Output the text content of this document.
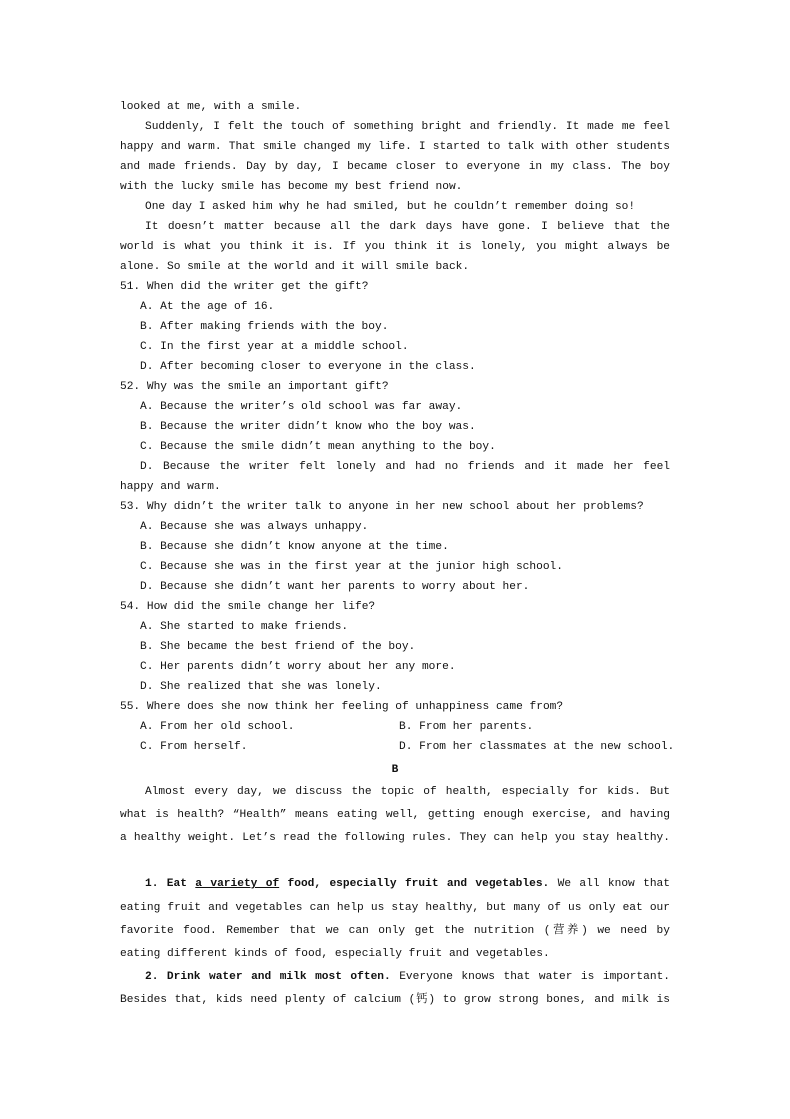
looked at me, with a smile.
Suddenly, I felt the touch of something bright and friendly. It made me feel
happy and warm. That smile changed my life. I started to talk with other students
and made friends. Day by day, I became closer to everyone in my class. The boy
with the lucky smile has become my best friend now.
One day I asked him why he had smiled, but he couldn’t remember doing so!
It doesn’t matter because all the dark days have gone. I believe that the
world is what you think it is. If you think it is lonely, you might always be
alone. So smile at the world and it will smile back.
51. When did the writer get the gift?
A. At the age of 16.
B. After making friends with the boy.
C. In the first year at a middle school.
D. After becoming closer to everyone in the class.
52. Why was the smile an important gift?
A. Because the writer’s old school was far away.
B. Because the writer didn’t know who the boy was.
C. Because the smile didn’t mean anything to the boy.
D. Because the writer felt lonely and had no friends and it made her feel
happy and warm.
53. Why didn’t the writer talk to anyone in her new school about her problems?
A. Because she was always unhappy.
B. Because she didn’t know anyone at the time.
C. Because she was in the first year at the junior high school.
D. Because she didn’t want her parents to worry about her.
54. How did the smile change her life?
A. She started to make friends.
B. She became the best friend of the boy.
C. Her parents didn’t worry about her any more.
D. She realized that she was lonely.
55. Where does she now think her feeling of unhappiness came from?
A. From her old school.	B. From her parents.
C. From herself.	D. From her classmates at the new school.
B
Almost every day, we discuss the topic of health, especially for kids. But
what is health? “Health” means eating well, getting enough exercise, and having
a healthy weight. Let’s read the following rules. They can help you stay healthy.
1. Eat a variety of food, especially fruit and vegetables. We all know that
eating fruit and vegetables can help us stay healthy, but many of us only eat our
favorite food. Remember that we can only get the nutrition (营养) we need by
eating different kinds of food, especially fruit and vegetables.
2. Drink water and milk most often. Everyone knows that water is important.
Besides that, kids need plenty of calcium (钙) to grow strong bones, and milk is
